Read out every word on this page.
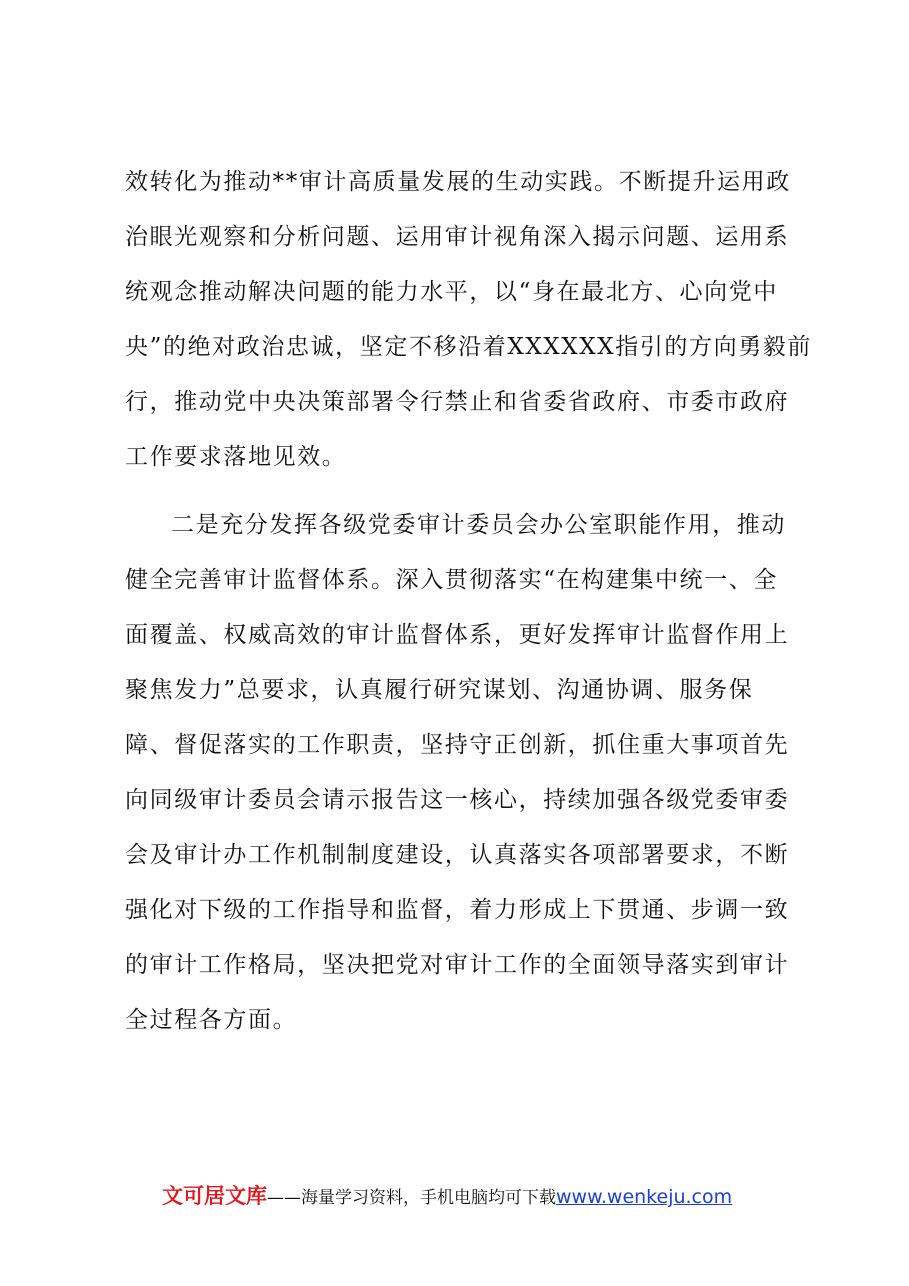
效转化为推动**审计高质量发展的生动实践。不断提升运用政
治眼光观察和分析问题、运用审计视角深入揭示问题、运用系
统观念推动解决问题的能力水平，以“身在最北方、心向党中
央”的绝对政治忠诚，坚定不移沿着XXXXXX指引的方向勇毅前
行，推动党中央决策部署令行禁止和省委省政府、市委市政府
工作要求落地见效。
二是充分发挥各级党委审计委员会办公室职能作用，推动
健全完善审计监督体系。深入贯彻落实“在构建集中统一、全
面覆盖、权威高效的审计监督体系，更好发挥审计监督作用上
聚焦发力”总要求，认真履行研究谋划、沟通协调、服务保
障、督促落实的工作职责，坚持守正创新，抓住重大事项首先
向同级审计委员会请示报告这一核心，持续加强各级党委审委
会及审计办工作机制制度建设，认真落实各项部署要求，不断
强化对下级的工作指导和监督，着力形成上下贯通、步调一致
的审计工作格局，坚决把党对审计工作的全面领导落实到审计
全过程各方面。
文可居文库——海量学习资料，手机电脑均可下载www.wenkeju.com
